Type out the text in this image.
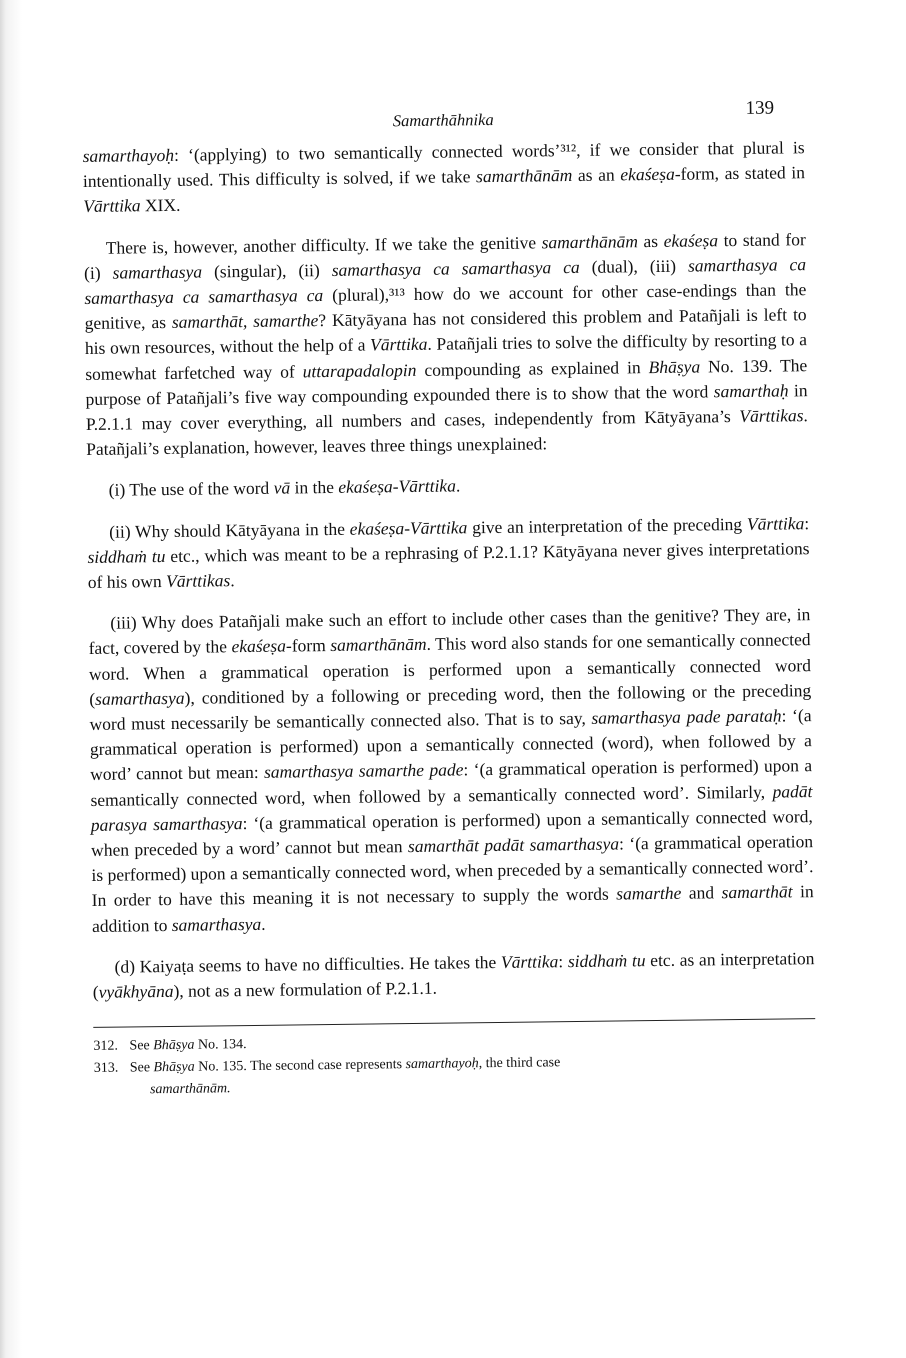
Samarthāhnika
139

samarthayoḥ: ‘(applying) to two semantically connected words’³¹², if we consider that plural is intentionally used. This difficulty is solved, if we take samarthānām as an ekaśeṣa-form, as stated in Vārttika XIX.

There is, however, another difficulty. If we take the genitive samarthānām as ekaśeṣa to stand for (i) samarthasya (singular), (ii) samarthasya ca samarthasya ca (dual), (iii) samarthasya ca samarthasya ca samarthasya ca (plural),³¹³ how do we account for other case-endings than the genitive, as samarthāt, samarthe? Kātyāyana has not considered this problem and Patañjali is left to his own resources, without the help of a Vārttika. Patañjali tries to solve the difficulty by resorting to a somewhat farfetched way of uttarapadalopin compounding as explained in Bhāṣya No. 139. The purpose of Patañjali’s five way compounding expounded there is to show that the word samarthaḥ in P.2.1.1 may cover everything, all numbers and cases, independently from Kātyāyana’s Vārttikas. Patañjali’s explanation, however, leaves three things unexplained:

(i) The use of the word vā in the ekaśeṣa-Vārttika.

(ii) Why should Kātyāyana in the ekaśeṣa-Vārttika give an interpretation of the preceding Vārttika: siddhaṁ tu etc., which was meant to be a rephrasing of P.2.1.1? Kātyāyana never gives interpretations of his own Vārttikas.

(iii) Why does Patañjali make such an effort to include other cases than the genitive? They are, in fact, covered by the ekaśeṣa-form samarthānām. This word also stands for one semantically connected word. When a grammatical operation is performed upon a semantically connected word (samarthasya), conditioned by a following or preceding word, then the following or the preceding word must necessarily be semantically connected also. That is to say, samarthasya pade parataḥ: ‘(a grammatical operation is performed) upon a semantically connected (word), when followed by a word’ cannot but mean: samarthasya samarthe pade: ‘(a grammatical operation is performed) upon a semantically connected word, when followed by a semantically connected word’. Similarly, padāt parasya samarthasya: ‘(a grammatical operation is performed) upon a semantically connected word, when preceded by a word’ cannot but mean samarthāt padāt samarthasya: ‘(a grammatical operation is performed) upon a semantically connected word, when preceded by a semantically connected word’. In order to have this meaning it is not necessary to supply the words samarthe and samarthāt in addition to samarthasya.

(d) Kaiyaṭa seems to have no difficulties. He takes the Vārttika: siddhaṁ tu etc. as an interpretation (vyākhyāna), not as a new formulation of P.2.1.1.

312. See Bhāṣya No. 134.
313. See Bhāṣya No. 135. The second case represents samarthayoḥ, the third case
samarthānām.
